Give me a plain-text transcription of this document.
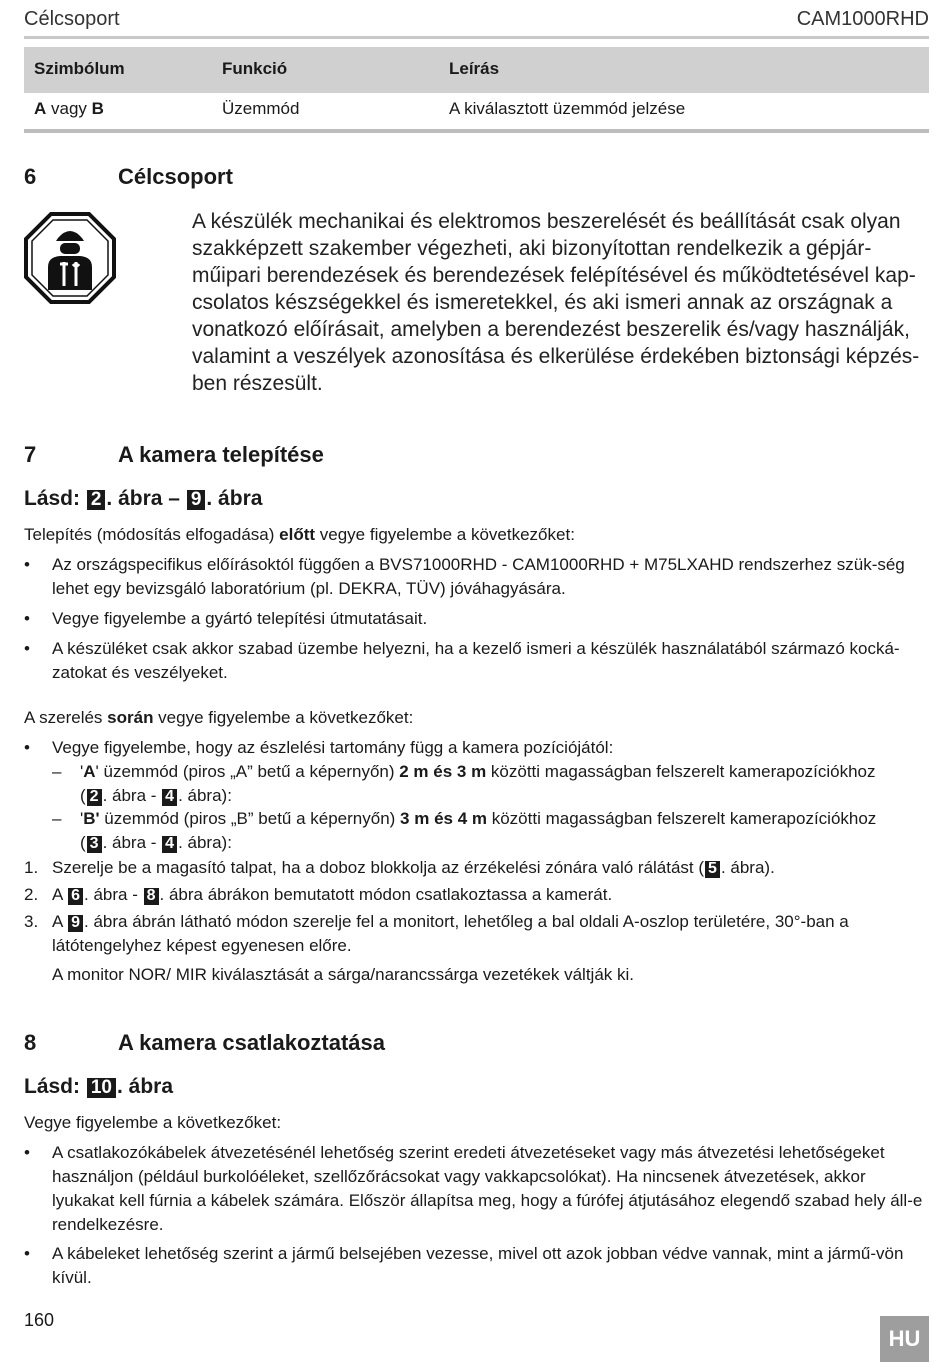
Célcsoport	CAM1000RHD
Szimbólum	Funkció	Leírás
A vagy B	Üzemmód	A kiválasztott üzemmód jelzése
6	Célcsoport
A készülék mechanikai és elektromos beszerelését és beállítását csak olyan szakképzett szakember végezheti, aki bizonyítottan rendelkezik a gépjár-műipari berendezések és berendezések felépítésével és működtetésével kap-csolatos készségekkel és ismeretekkel, és aki ismeri annak az országnak a vonatkozó előírásait, amelyben a berendezést beszerelik és/vagy használják, valamint a veszélyek azonosítása és elkerülése érdekében biztonsági képzés-ben részesült.
7	A kamera telepítése
Lásd: 2 . ábra – 9 . ábra
Telepítés (módosítás elfogadása) előtt vegye figyelembe a következőket:
• Az országspecifikus előírásoktól függően a BVS71000RHD - CAM1000RHD + M75LXAHD rendszerhez szük-ség lehet egy bevizsgáló laboratórium (pl. DEKRA, TÜV) jóváhagyására.
• Vegye figyelembe a gyártó telepítési útmutatásait.
• A készüléket csak akkor szabad üzembe helyezni, ha a kezelő ismeri a készülék használatából származó kocká-zatokat és veszélyeket.
A szerelés során vegye figyelembe a következőket:
• Vegye figyelembe, hogy az észlelési tartomány függ a kamera pozíciójától:
– 'A' üzemmód (piros „A” betű a képernyőn) 2 m és 3 m közötti magasságban felszerelt kamerapozíciókhoz
( 2 . ábra - 4 . ábra):
– 'B' üzemmód (piros „B” betű a képernyőn) 3 m és 4 m közötti magasságban felszerelt kamerapozíciókhoz
( 3 . ábra - 4 . ábra):
1. Szerelje be a magasító talpat, ha a doboz blokkolja az érzékelési zónára való rálátást ( 5 . ábra).
2. A 6 . ábra - 8 . ábra ábrákon bemutatott módon csatlakoztassa a kamerát.
3. A 9 . ábra ábrán látható módon szerelje fel a monitort, lehetőleg a bal oldali A-oszlop területére, 30°-ban a
látótengelyhez képest egyenesen előre.
A monitor NOR/ MIR kiválasztását a sárga/narancssárga vezetékek váltják ki.
8	A kamera csatlakoztatása
Lásd: 10 . ábra
Vegye figyelembe a következőket:
• A csatlakozókábelek átvezetésénél lehetőség szerint eredeti átvezetéseket vagy más átvezetési lehetőségeket használjon (például burkolóéleket, szellőzőrácsokat vagy vakkapcsolókat). Ha nincsenek átvezetések, akkor lyukakat kell fúrnia a kábelek számára. Először állapítsa meg, hogy a fúrófej átjutásához elegendő szabad hely áll-e rendelkezésre.
• A kábeleket lehetőség szerint a jármű belsejében vezesse, mivel ott azok jobban védve vannak, mint a jármű-vön kívül.
160
HU
